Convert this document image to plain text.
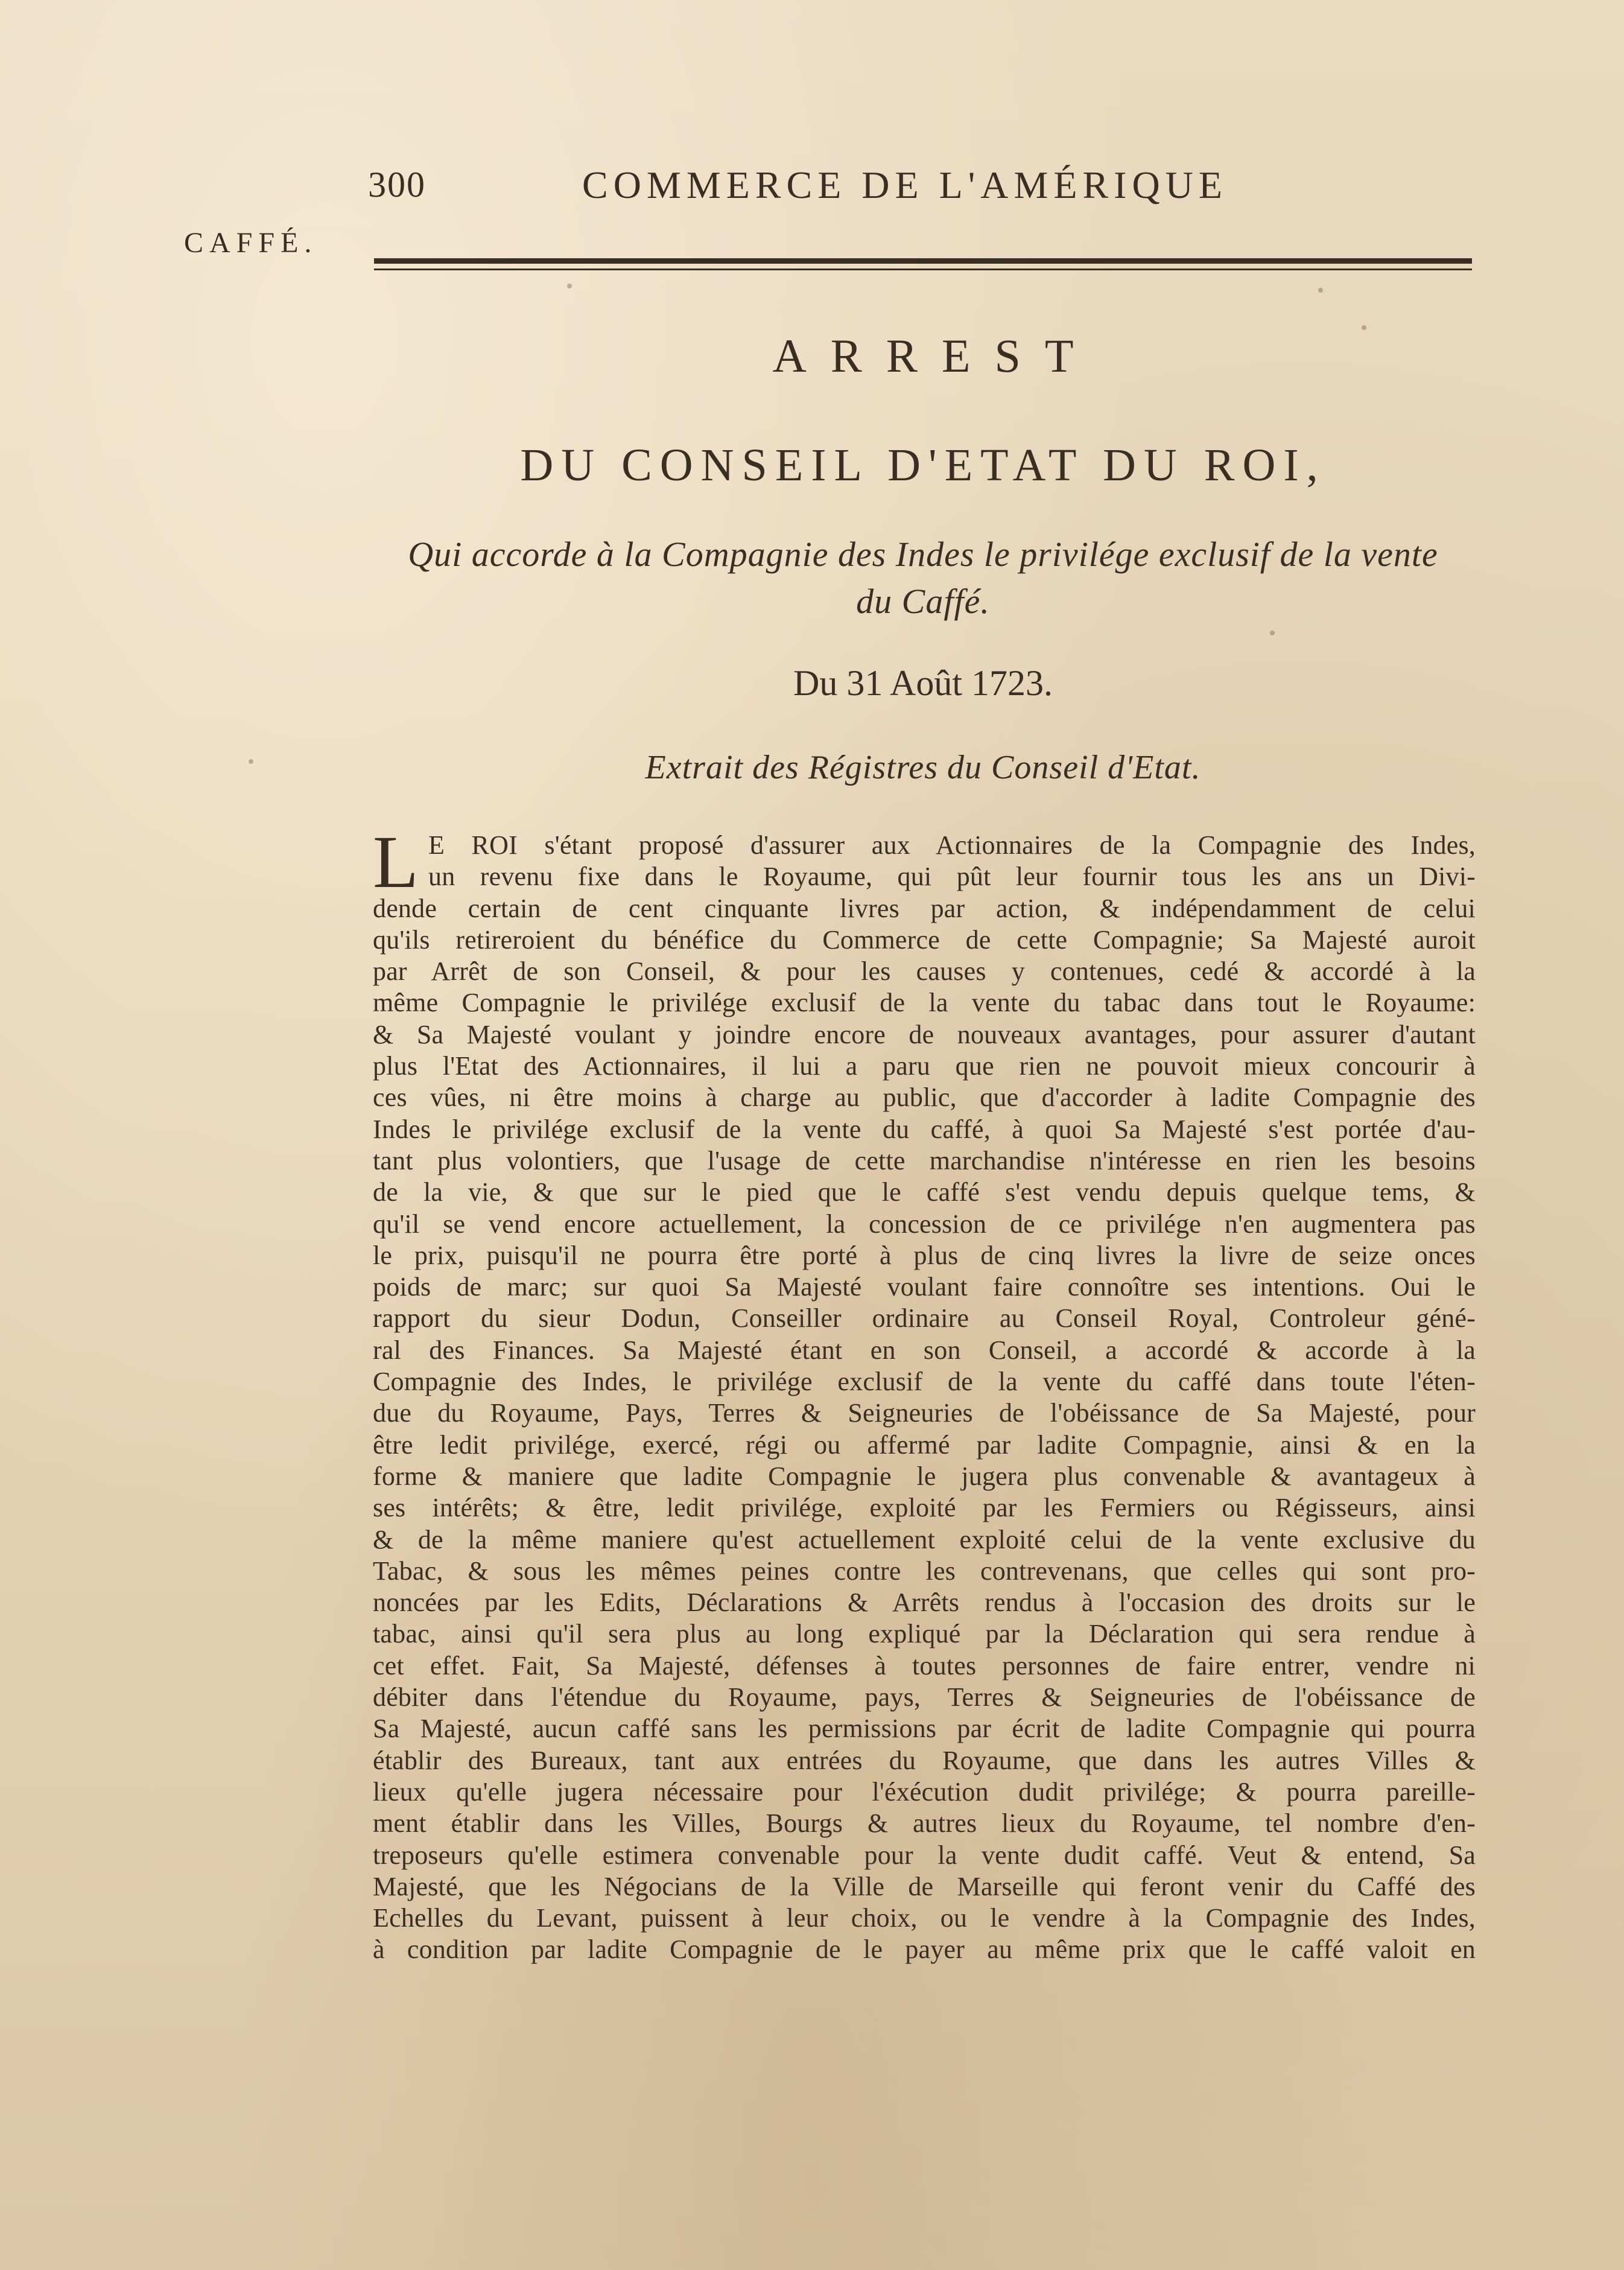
300	COMMERCE DE L'AMÉRIQUE
CAFFÉ.
ARREST
DU CONSEIL D'ETAT DU ROI,
Qui accorde à la Compagnie des Indes le privilége exclusif de la vente
du Caffé.
Du 31 Août 1723.
Extrait des Régistres du Conseil d'Etat.
L E ROI s'étant proposé d'assurer aux Actionnaires de la Compagnie des Indes,
un revenu fixe dans le Royaume, qui pût leur fournir tous les ans un Divi-
dende certain de cent cinquante livres par action, & indépendamment de celui
qu'ils retireroient du bénéfice du Commerce de cette Compagnie; Sa Majesté auroit
par Arrêt de son Conseil, & pour les causes y contenues, cedé & accordé à la
même Compagnie le privilége exclusif de la vente du tabac dans tout le Royaume:
& Sa Majesté voulant y joindre encore de nouveaux avantages, pour assurer d'autant
plus l'Etat des Actionnaires, il lui a paru que rien ne pouvoit mieux concourir à
ces vûes, ni être moins à charge au public, que d'accorder à ladite Compagnie des
Indes le privilége exclusif de la vente du caffé, à quoi Sa Majesté s'est portée d'au-
tant plus volontiers, que l'usage de cette marchandise n'intéresse en rien les besoins
de la vie, & que sur le pied que le caffé s'est vendu depuis quelque tems, &
qu'il se vend encore actuellement, la concession de ce privilége n'en augmentera pas
le prix, puisqu'il ne pourra être porté à plus de cinq livres la livre de seize onces
poids de marc; sur quoi Sa Majesté voulant faire connoître ses intentions. Oui le
rapport du sieur Dodun, Conseiller ordinaire au Conseil Royal, Controleur géné-
ral des Finances. Sa Majesté étant en son Conseil, a accordé & accorde à la
Compagnie des Indes, le privilége exclusif de la vente du caffé dans toute l'éten-
due du Royaume, Pays, Terres & Seigneuries de l'obéissance de Sa Majesté, pour
être ledit privilége, exercé, régi ou affermé par ladite Compagnie, ainsi & en la
forme & maniere que ladite Compagnie le jugera plus convenable & avantageux à
ses intérêts; & être, ledit privilége, exploité par les Fermiers ou Régisseurs, ainsi
& de la même maniere qu'est actuellement exploité celui de la vente exclusive du
Tabac, & sous les mêmes peines contre les contrevenans, que celles qui sont pro-
noncées par les Edits, Déclarations & Arrêts rendus à l'occasion des droits sur le
tabac, ainsi qu'il sera plus au long expliqué par la Déclaration qui sera rendue à
cet effet. Fait, Sa Majesté, défenses à toutes personnes de faire entrer, vendre ni
débiter dans l'étendue du Royaume, pays, Terres & Seigneuries de l'obéissance de
Sa Majesté, aucun caffé sans les permissions par écrit de ladite Compagnie qui pourra
établir des Bureaux, tant aux entrées du Royaume, que dans les autres Villes &
lieux qu'elle jugera nécessaire pour l'éxécution dudit privilége; & pourra pareille-
ment établir dans les Villes, Bourgs & autres lieux du Royaume, tel nombre d'en-
treposeurs qu'elle estimera convenable pour la vente dudit caffé. Veut & entend, Sa
Majesté, que les Négocians de la Ville de Marseille qui feront venir du Caffé des
Echelles du Levant, puissent à leur choix, ou le vendre à la Compagnie des Indes,
à condition par ladite Compagnie de le payer au même prix que le caffé valoit en
